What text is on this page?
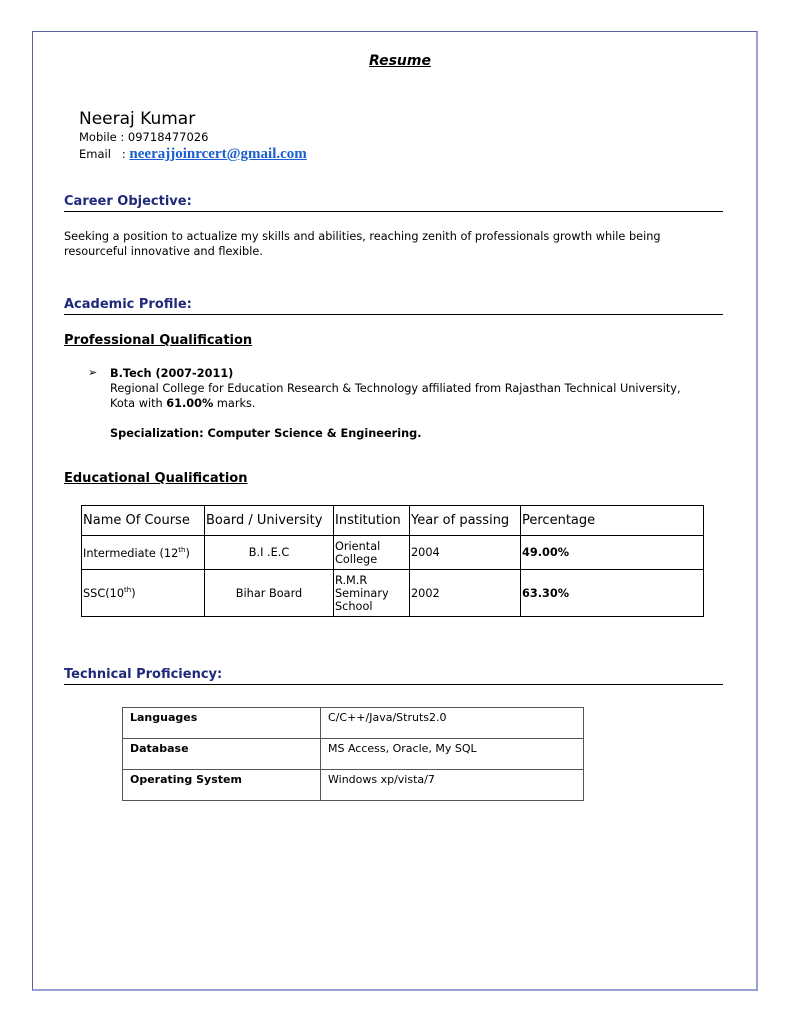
Resume
Neeraj Kumar
Mobile : 09718477026
Email   : neerajjoinrcert@gmail.com
Career Objective:
Seeking a position to actualize my skills and abilities, reaching zenith of professionals growth while being resourceful innovative and flexible.
Academic Profile:
Professional Qualification
➢ B.Tech (2007-2011)
Regional College for Education Research & Technology affiliated from Rajasthan Technical University,
Kota with 61.00% marks.
Specialization: Computer Science & Engineering.
Educational Qualification
Name Of Course	Board / University	Institution	Year of passing	Percentage
Intermediate (12th)	B.I .E.C	Oriental College	2004	49.00%
SSC(10th)	Bihar Board	R.M.R Seminary School	2002	63.30%
Technical Proficiency:
Languages	C/C++/Java/Struts2.0
Database	MS Access, Oracle, My SQL
Operating System	Windows xp/vista/7
